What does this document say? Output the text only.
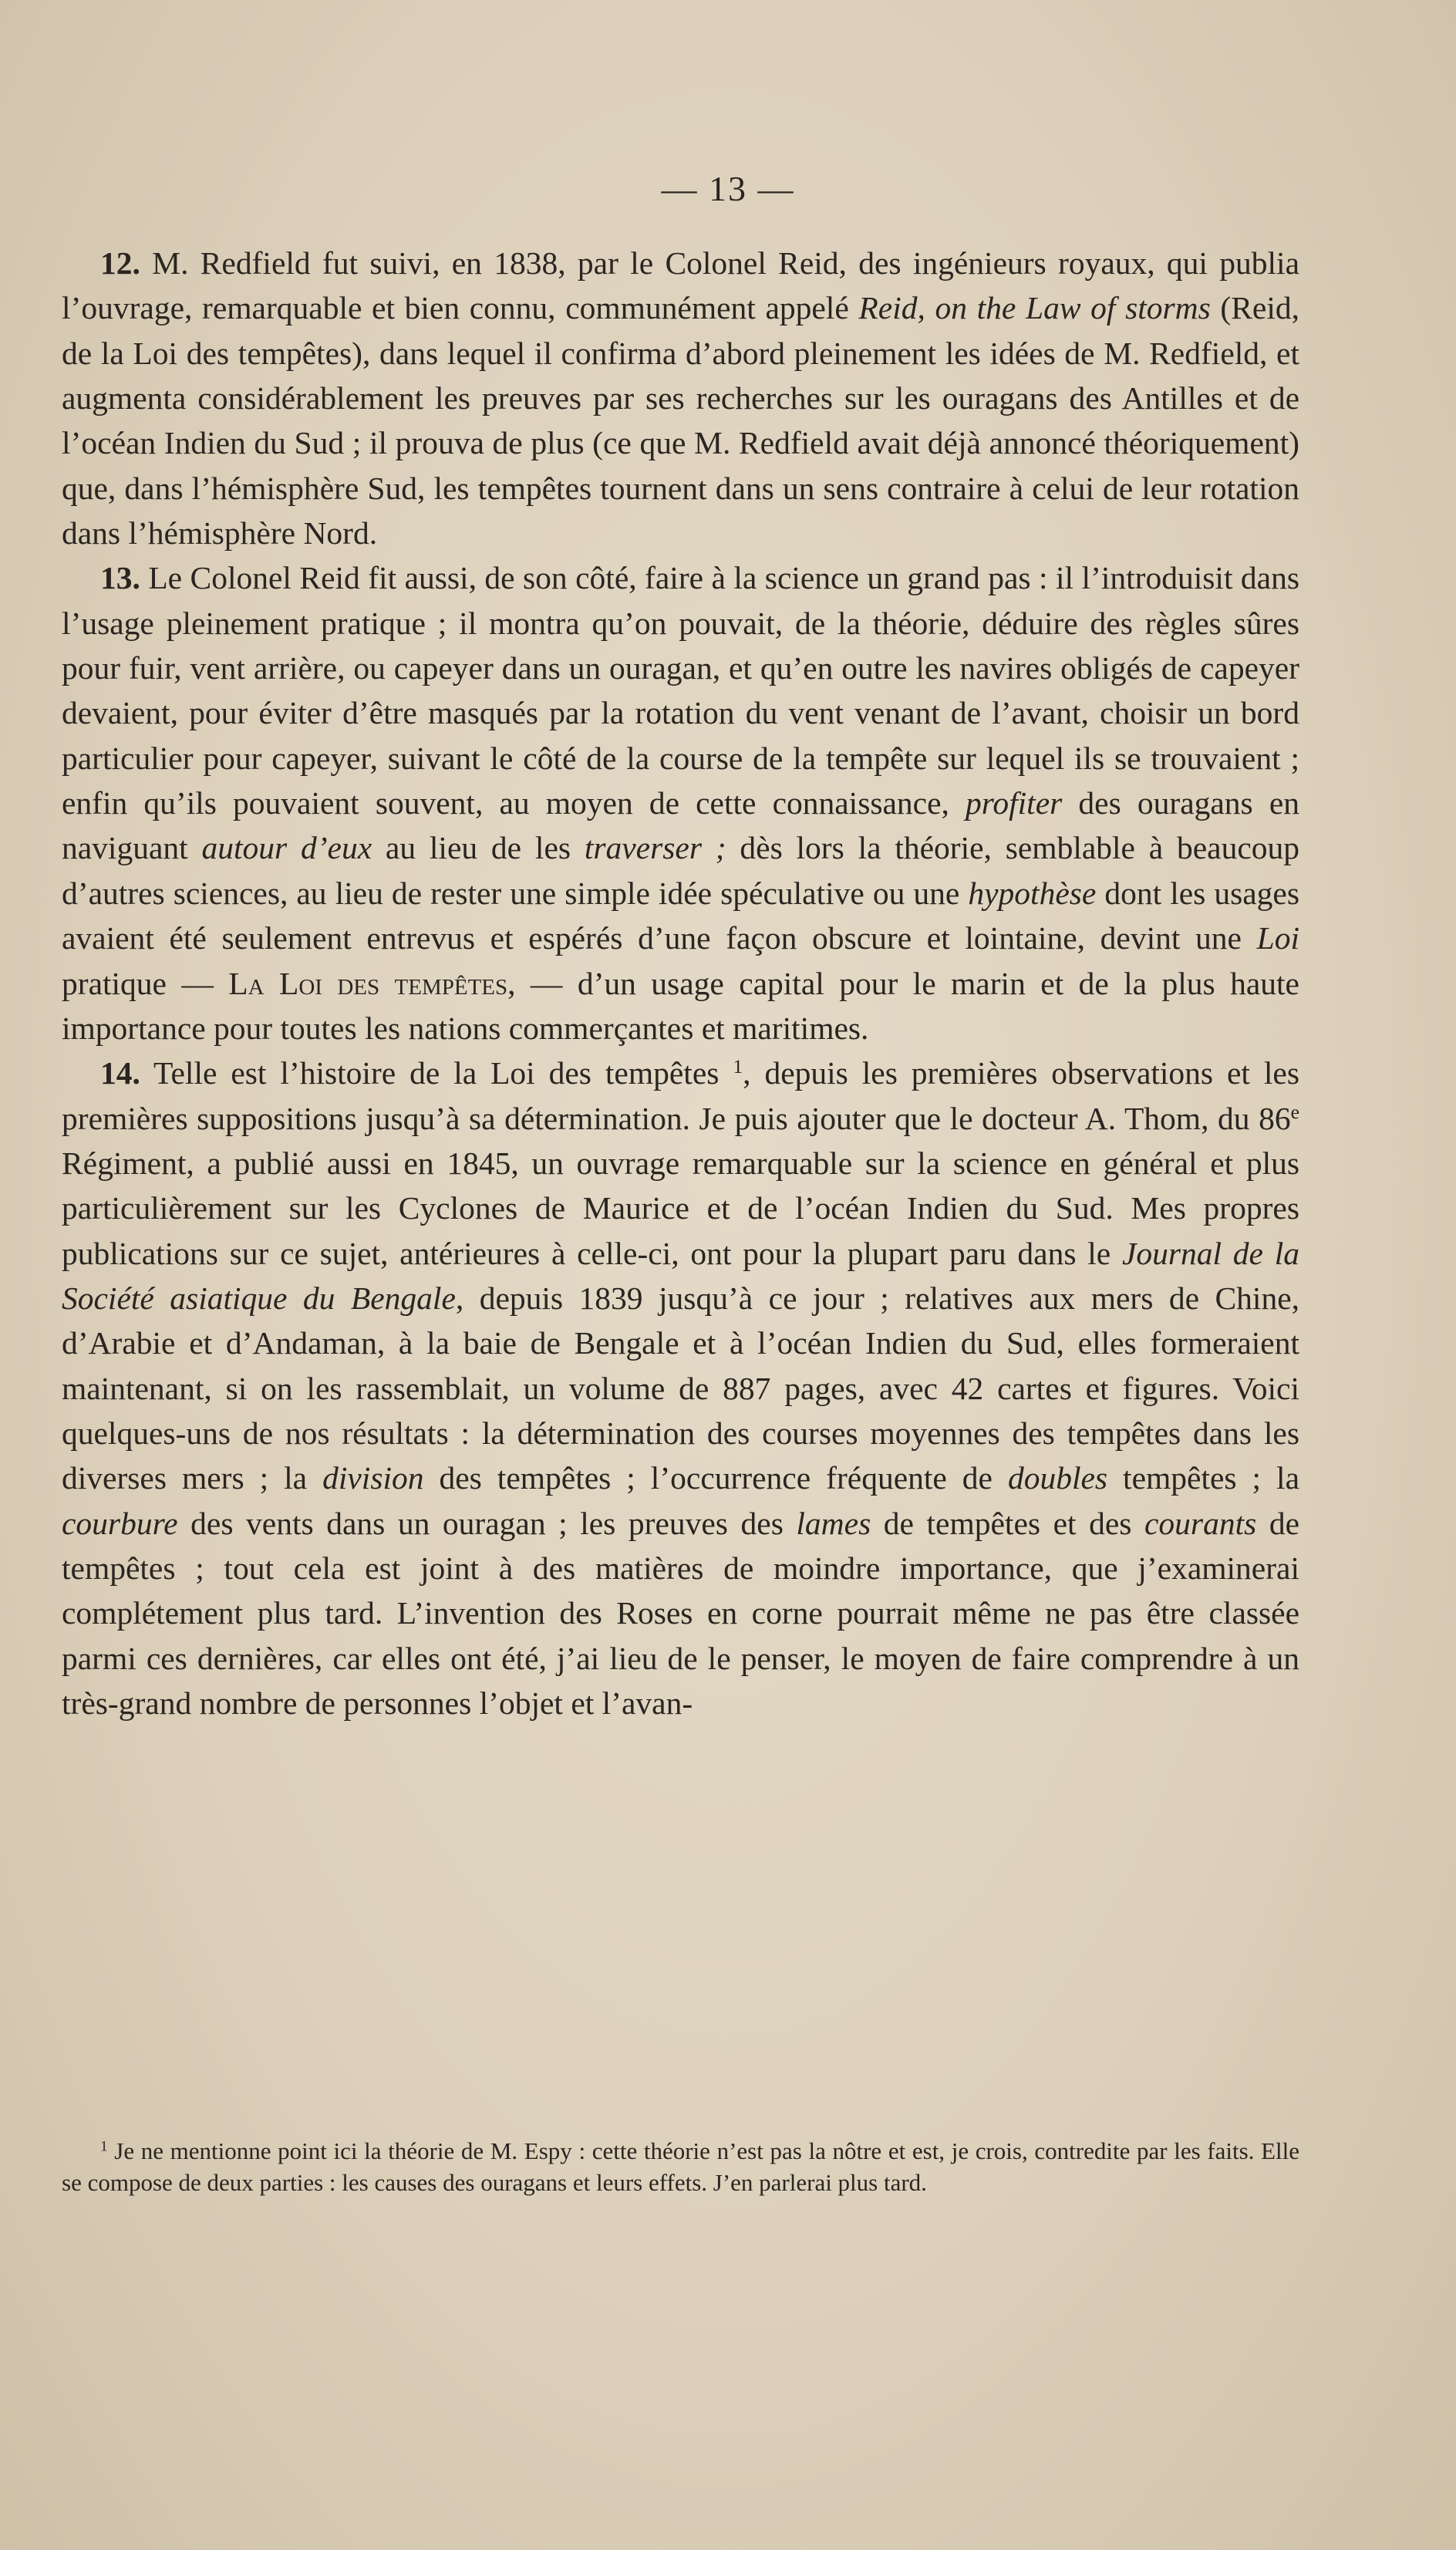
— 13 —

12. M. Redfield fut suivi, en 1838, par le Colonel Reid, des ingénieurs royaux, qui publia l’ouvrage, remarquable et bien connu, communément appelé Reid, on the Law of storms (Reid, de la Loi des tempêtes), dans lequel il confirma d’abord pleinement les idées de M. Redfield, et augmenta considérablement les preuves par ses recherches sur les ouragans des Antilles et de l’océan Indien du Sud ; il prouva de plus (ce que M. Redfield avait déjà annoncé théoriquement) que, dans l’hémisphère Sud, les tempêtes tournent dans un sens contraire à celui de leur rotation dans l’hémisphère Nord.

13. Le Colonel Reid fit aussi, de son côté, faire à la science un grand pas : il l’introduisit dans l’usage pleinement pratique ; il montra qu’on pouvait, de la théorie, déduire des règles sûres pour fuir, vent arrière, ou capeyer dans un ouragan, et qu’en outre les navires obligés de capeyer devaient, pour éviter d’être masqués par la rotation du vent venant de l’avant, choisir un bord particulier pour capeyer, suivant le côté de la course de la tempête sur lequel ils se trouvaient ; enfin qu’ils pouvaient souvent, au moyen de cette connaissance, profiter des ouragans en naviguant autour d’eux au lieu de les traverser ; dès lors la théorie, semblable à beaucoup d’autres sciences, au lieu de rester une simple idée spéculative ou une hypothèse dont les usages avaient été seulement entrevus et espérés d’une façon obscure et lointaine, devint une Loi pratique — La Loi des tempêtes, — d’un usage capital pour le marin et de la plus haute importance pour toutes les nations commerçantes et maritimes.

14. Telle est l’histoire de la Loi des tempêtes $^1$, depuis les premières observations et les premières suppositions jusqu’à sa détermination. Je puis ajouter que le docteur A. Thom, du 86e Régiment, a publié aussi en 1845, un ouvrage remarquable sur la science en général et plus particulièrement sur les Cyclones de Maurice et de l’océan Indien du Sud. Mes propres publications sur ce sujet, antérieures à celle-ci, ont pour la plupart paru dans le Journal de la Société asiatique du Bengale, depuis 1839 jusqu’à ce jour ; relatives aux mers de Chine, d’Arabie et d’Andaman, à la baie de Bengale et à l’océan Indien du Sud, elles formeraient maintenant, si on les rassemblait, un volume de 887 pages, avec 42 cartes et figures. Voici quelques-uns de nos résultats : la détermination des courses moyennes des tempêtes dans les diverses mers ; la division des tempêtes ; l’occurrence fréquente de doubles tempêtes ; la courbure des vents dans un ouragan ; les preuves des lames de tempêtes et des courants de tempêtes ; tout cela est joint à des matières de moindre importance, que j’examinerai complétement plus tard. L’invention des Roses en corne pourrait même ne pas être classée parmi ces dernières, car elles ont été, j’ai lieu de le penser, le moyen de faire comprendre à un très-grand nombre de personnes l’objet et l’avan-

$^1$ Je ne mentionne point ici la théorie de M. Espy : cette théorie n’est pas la nôtre et est, je crois, contredite par les faits. Elle se compose de deux parties : les causes des ouragans et leurs effets. J’en parlerai plus tard.
